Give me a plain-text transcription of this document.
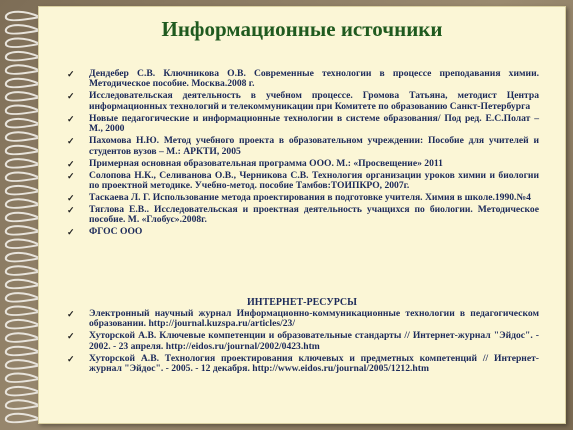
Информационные источники
✓ Дендебер С.В. Ключникова О.В. Современные технологии в процессе преподавания химии. Методическое пособие. Москва.2008 г.
✓ Исследовательская деятельность в учебном процессе. Громова Татьяна, методист Центра информационных технологий и телекоммуникации при Комитете по образованию Санкт-Петербурга
✓ Новые педагогические и информационные технологии в системе образования/ Под ред. Е.С.Полат – М., 2000
✓ Пахомова Н.Ю. Метод учебного проекта в образовательном учреждении: Пособие для учителей и студентов вузов – М.: АРКТИ, 2005
✓ Примерная основная образовательная программа ООО. М.: «Просвещение» 2011
✓ Солопова Н.К., Селиванова О.В., Черникова С.В. Технология организации уроков химии и биологии по проектной методике. Учебно-метод. пособие Тамбов:ТОИПКРО, 2007г.
✓ Таскаева Л. Г. Использование метода проектирования в подготовке учителя. Химия в школе.1990.№4
✓ Тяглова Е.В.. Исследовательская и проектная деятельность учащихся по биологии. Методическое пособие. М. «Глобус».2008г.
✓ ФГОС ООО
ИНТЕРНЕТ-РЕСУРСЫ
✓ Электронный научный журнал Информационно-коммуникационные технологии в педагогическом образовании. http://journal.kuzspa.ru/articles/23/
✓ Хуторской А.В. Ключевые компетенции и образовательные стандарты // Интернет-журнал "Эйдос". - 2002. - 23 апреля. http://eidos.ru/journal/2002/0423.htm
✓ Хуторской А.В. Технология проектирования ключевых и предметных компетенций // Интернет-журнал "Эйдос". - 2005. - 12 декабря. http://www.eidos.ru/journal/2005/1212.htm
